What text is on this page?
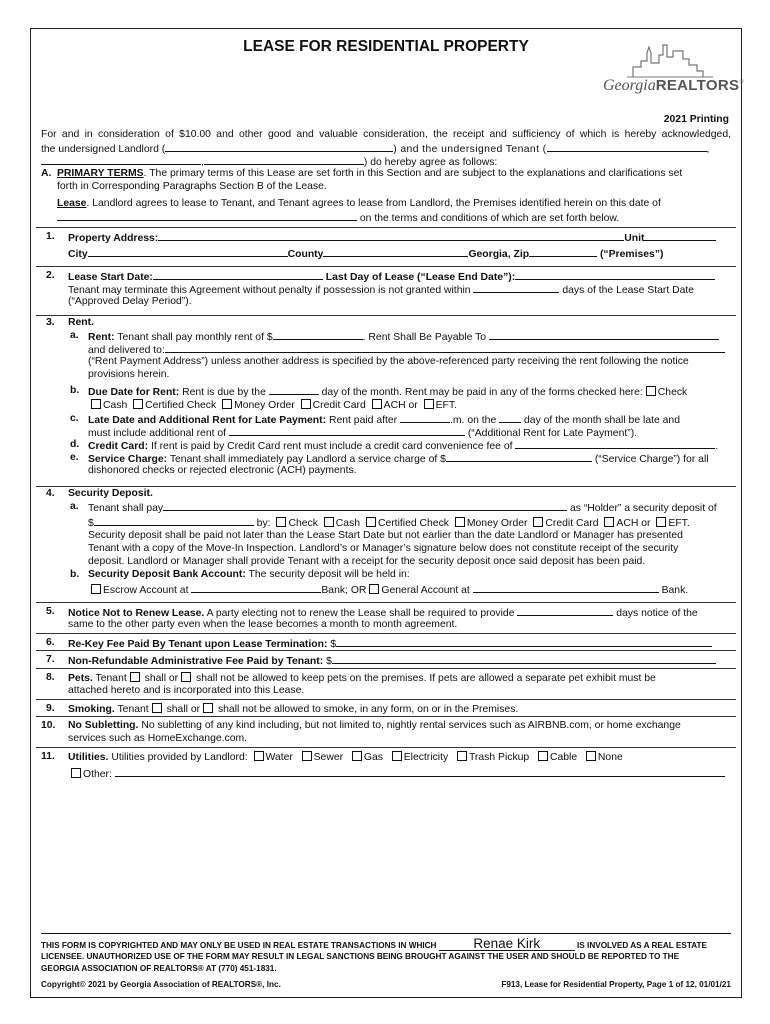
LEASE FOR RESIDENTIAL PROPERTY
GeorgiaREALTORS®
2021 Printing
For and in consideration of $10.00 and other good and valuable consideration, the receipt and sufficiency of which is hereby acknowledged,
the undersigned Landlord (	) and the undersigned Tenant (	,
,	) do hereby agree as follows:
A. PRIMARY TERMS. The primary terms of this Lease are set forth in this Section and are subject to the explanations and clarifications set
forth in Corresponding Paragraphs Section B of the Lease.
Lease. Landlord agrees to lease to Tenant, and Tenant agrees to lease from Landlord, the Premises identified herein on this date of
on the terms and conditions of which are set forth below.
1. Property Address:	Unit
City	County	Georgia, Zip	(“Premises”)
2. Lease Start Date:	Last Day of Lease (“Lease End Date”):
Tenant may terminate this Agreement without penalty if possession is not granted within	days of the Lease Start Date
(“Approved Delay Period”).
3. Rent.
a. Rent: Tenant shall pay monthly rent of $	. Rent Shall Be Payable To
and delivered to:
(“Rent Payment Address”) unless another address is specified by the above-referenced party receiving the rent following the notice
provisions herein.
b. Due Date for Rent: Rent is due by the	day of the month. Rent may be paid in any of the forms checked here: Check
Cash Certified Check Money Order Credit Card ACH or EFT.
c. Late Date and Additional Rent for Late Payment: Rent paid after	.m. on the	day of the month shall be late and
must include additional rent of	(“Additional Rent for Late Payment”).
d. Credit Card: If rent is paid by Credit Card rent must include a credit card convenience fee of	.
e. Service Charge: Tenant shall immediately pay Landlord a service charge of $	(“Service Charge”) for all
dishonored checks or rejected electronic (ACH) payments.
4. Security Deposit.
a. Tenant shall pay	as “Holder” a security deposit of
$	by: Check Cash Certified Check Money Order Credit Card ACH or EFT.
Security deposit shall be paid not later than the Lease Start Date but not earlier than the date Landlord or Manager has presented
Tenant with a copy of the Move-In Inspection. Landlord’s or Manager’s signature below does not constitute receipt of the security
deposit. Landlord or Manager shall provide Tenant with a receipt for the security deposit once said deposit has been paid.
b. Security Deposit Bank Account: The security deposit will be held in:
Escrow Account at	Bank; OR General Account at	Bank.
5. Notice Not to Renew Lease. A party electing not to renew the Lease shall be required to provide	days notice of the
same to the other party even when the lease becomes a month to month agreement.
6. Re-Key Fee Paid By Tenant upon Lease Termination: $
7. Non-Refundable Administrative Fee Paid by Tenant: $
8. Pets. Tenant shall or shall not be allowed to keep pets on the premises. If pets are allowed a separate pet exhibit must be
attached hereto and is incorporated into this Lease.
9. Smoking. Tenant shall or shall not be allowed to smoke, in any form, on or in the Premises.
10. No Subletting. No subletting of any kind including, but not limited to, nightly rental services such as AIRBNB.com, or home exchange
services such as HomeExchange.com.
11. Utilities. Utilities provided by Landlord: Water Sewer Gas Electricity Trash Pickup Cable None
Other:
THIS FORM IS COPYRIGHTED AND MAY ONLY BE USED IN REAL ESTATE TRANSACTIONS IN WHICH	Renae Kirk	IS INVOLVED AS A REAL ESTATE
LICENSEE. UNAUTHORIZED USE OF THE FORM MAY RESULT IN LEGAL SANCTIONS BEING BROUGHT AGAINST THE USER AND SHOULD BE REPORTED TO THE
GEORGIA ASSOCIATION OF REALTORS® AT (770) 451-1831.
Copyright© 2021 by Georgia Association of REALTORS®, Inc.	F913, Lease for Residential Property, Page 1 of 12, 01/01/21
